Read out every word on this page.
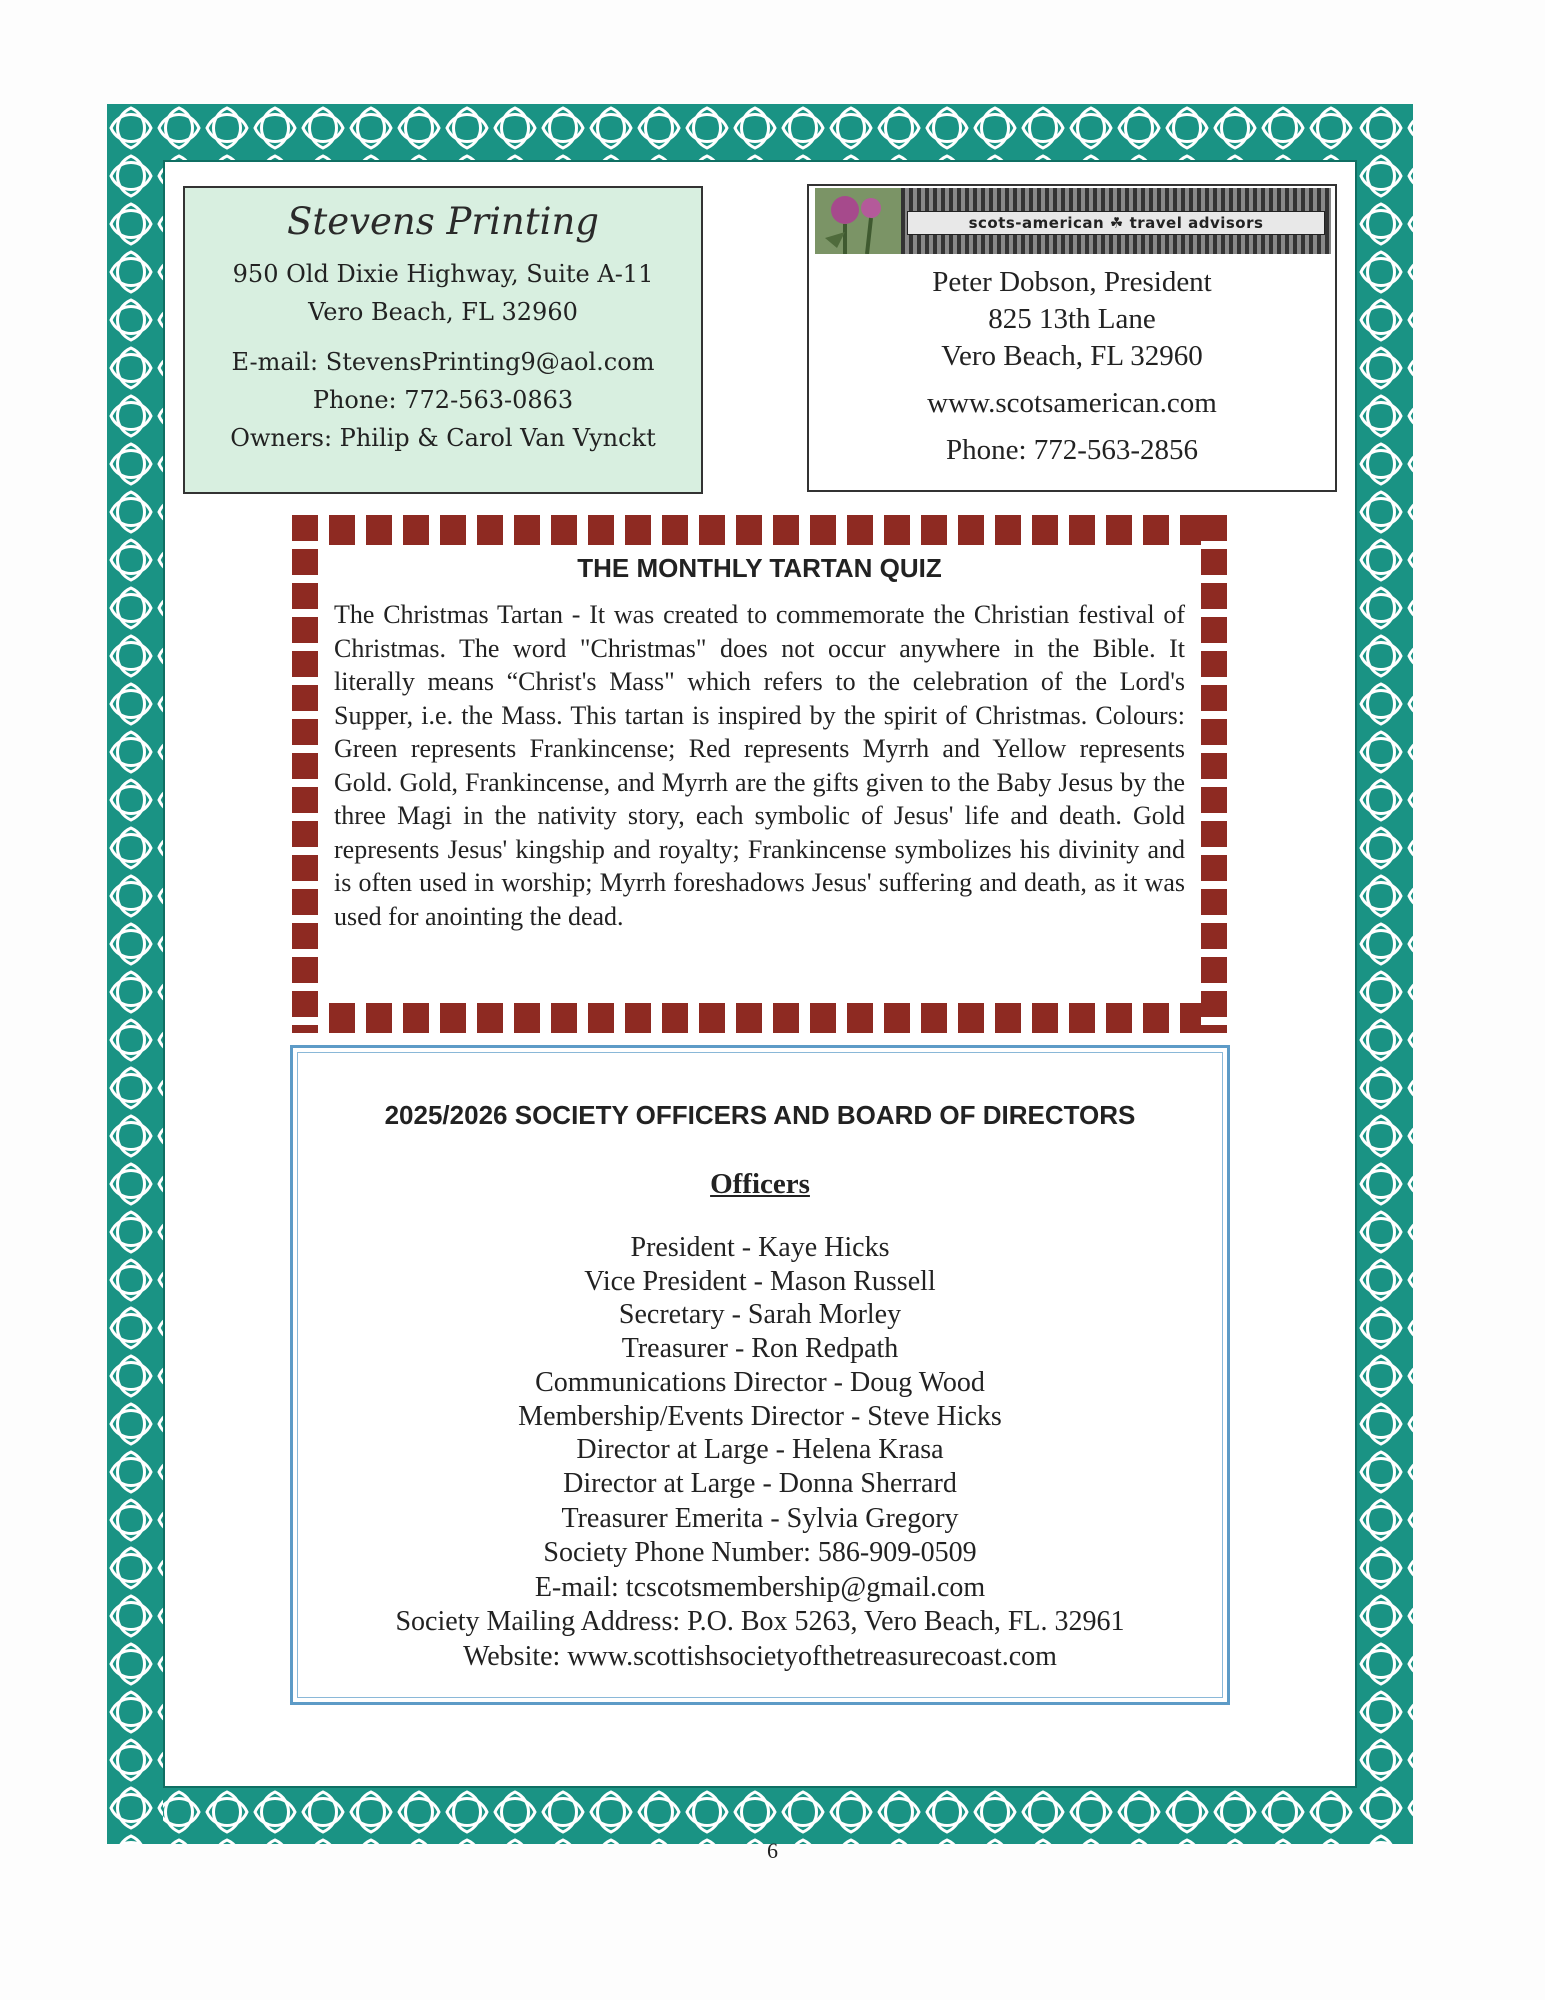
Stevens Printing
950 Old Dixie Highway, Suite A-11
Vero Beach, FL 32960
E-mail: StevensPrinting9@aol.com
Phone: 772-563-0863
Owners: Philip & Carol Van Vynckt
scots-american ☘ travel advisors
Peter Dobson, President
825 13th Lane
Vero Beach, FL 32960
www.scotsamerican.com
Phone: 772-563-2856
THE MONTHLY TARTAN QUIZ
The Christmas Tartan - It was created to commemorate the Christian festival of Christmas. The word "Christmas" does not occur anywhere in the Bible. It literally means “Christ's Mass" which refers to the celebration of the Lord's Supper, i.e. the Mass. This tartan is inspired by the spirit of Christmas. Colours: Green represents Frankincense; Red represents Myrrh and Yellow represents Gold. Gold, Frankincense, and Myrrh are the gifts given to the Baby Jesus by the three Magi in the nativity story, each symbolic of Jesus' life and death. Gold represents Jesus' kingship and royalty; Frankincense symbolizes his divinity and is often used in worship; Myrrh foreshadows Jesus' suffering and death, as it was used for anointing the dead.
2025/2026 SOCIETY OFFICERS AND BOARD OF DIRECTORS
Officers
President - Kaye Hicks
Vice President - Mason Russell
Secretary - Sarah Morley
Treasurer - Ron Redpath
Communications Director - Doug Wood
Membership/Events Director - Steve Hicks
Director at Large - Helena Krasa
Director at Large - Donna Sherrard
Treasurer Emerita - Sylvia Gregory
Society Phone Number: 586-909-0509
E-mail: tcscotsmembership@gmail.com
Society Mailing Address: P.O. Box 5263, Vero Beach, FL. 32961
Website: www.scottishsocietyofthetreasurecoast.com
6
